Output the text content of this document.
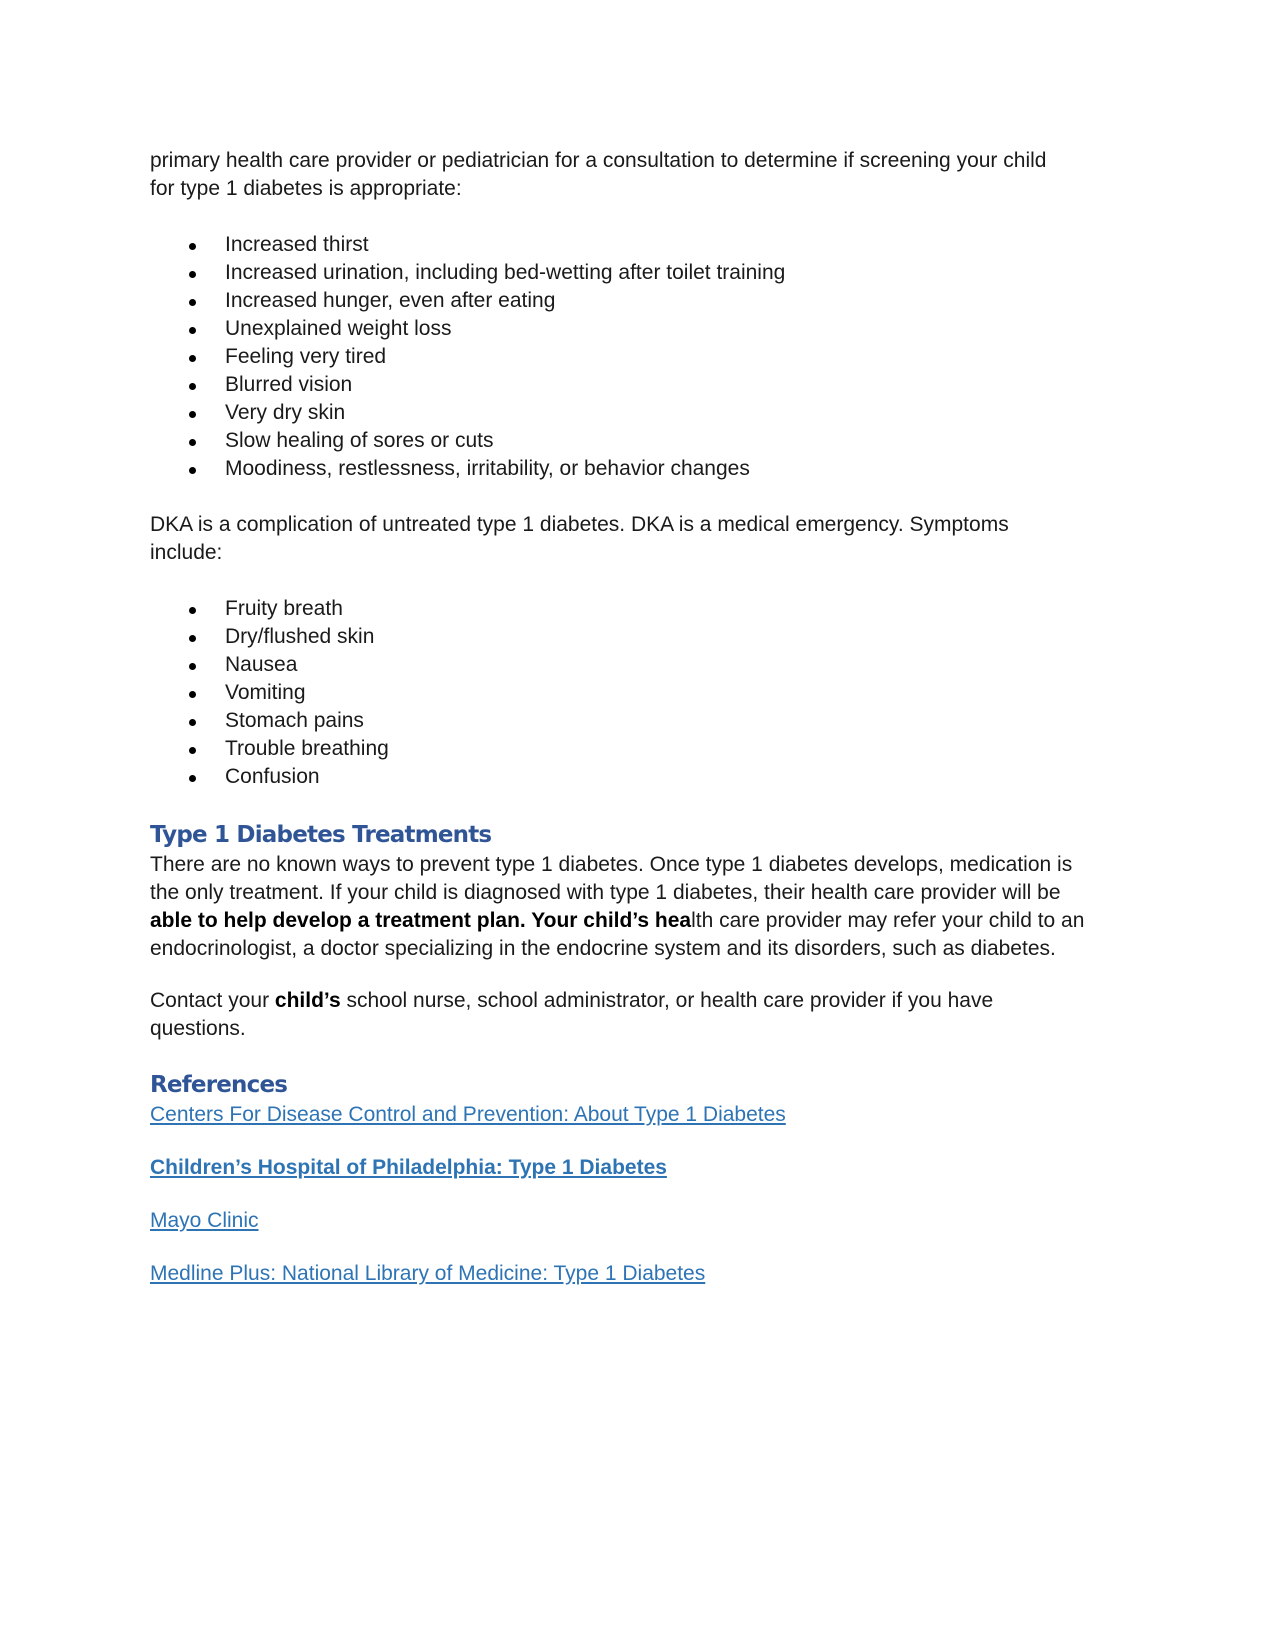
primary health care provider or pediatrician for a consultation to determine if screening your child
for type 1 diabetes is appropriate:

Increased thirst
Increased urination, including bed-wetting after toilet training
Increased hunger, even after eating
Unexplained weight loss
Feeling very tired
Blurred vision
Very dry skin
Slow healing of sores or cuts
Moodiness, restlessness, irritability, or behavior changes

DKA is a complication of untreated type 1 diabetes. DKA is a medical emergency. Symptoms
include:

Fruity breath
Dry/flushed skin
Nausea
Vomiting
Stomach pains
Trouble breathing
Confusion
Type 1 Diabetes Treatments

There are no known ways to prevent type 1 diabetes. Once type 1 diabetes develops, medication is
the only treatment. If your child is diagnosed with type 1 diabetes, their health care provider will be
able to help develop a treatment plan. Your child’s health care provider may refer your child to an
endocrinologist, a doctor specializing in the endocrine system and its disorders, such as diabetes.

Contact your child’s school nurse, school administrator, or health care provider if you have
questions.

References
Centers For Disease Control and Prevention: About Type 1 Diabetes
Children’s Hospital of Philadelphia: Type 1 Diabetes
Mayo Clinic
Medline Plus: National Library of Medicine: Type 1 Diabetes
